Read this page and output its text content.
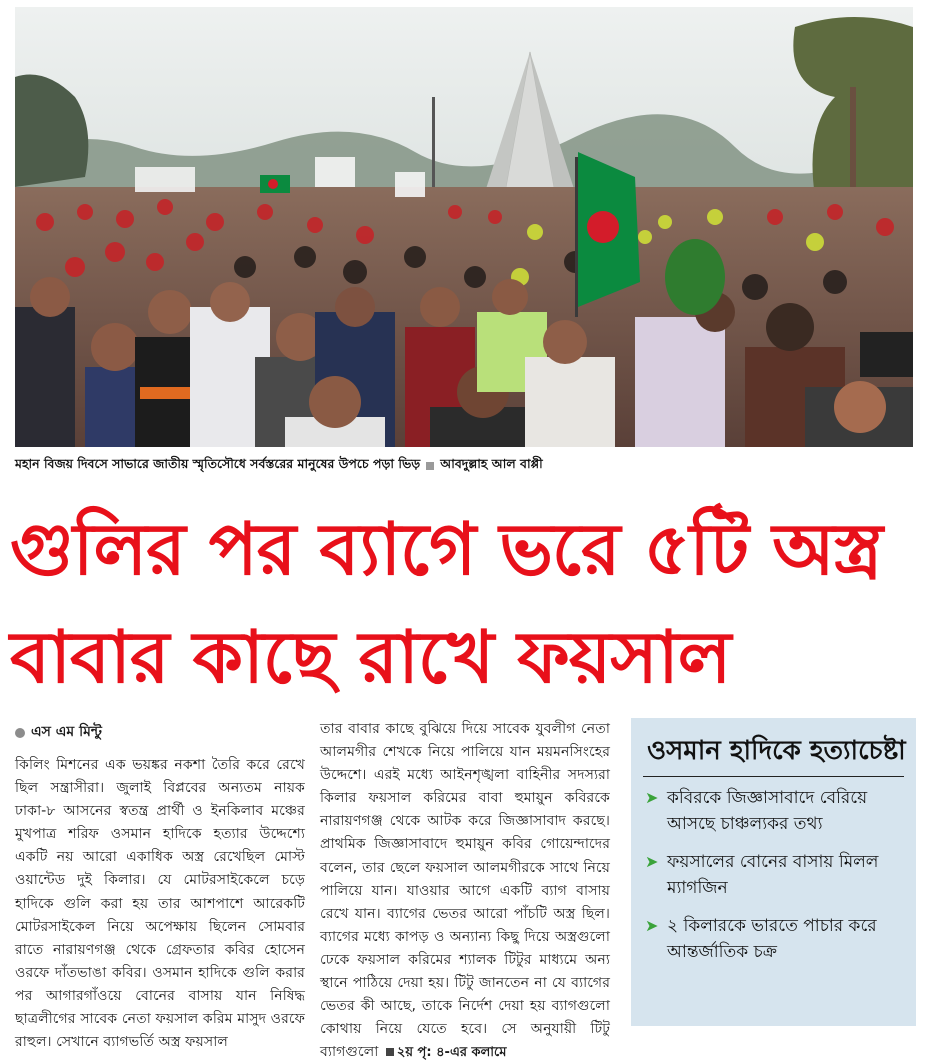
মহান বিজয় দিবসে সাভারে জাতীয় স্মৃতিসৌধে সর্বস্তরের মানুষের উপচে পড়া ভিড় আবদুল্লাহ আল বাপ্পী
গুলির পর ব্যাগে ভরে ৫টি অস্ত্র
বাবার কাছে রাখে ফয়সাল
এস এম মিন্টু
কিলিং মিশনের এক ভয়ঙ্কর নকশা তৈরি করে রেখে ছিল সন্ত্রাসীরা। জুলাই বিপ্লবের অন্যতম নায়ক ঢাকা-৮ আসনের স্বতন্ত্র প্রার্থী ও ইনকিলাব মঞ্চের মুখপাত্র শরিফ ওসমান হাদিকে হত্যার উদ্দেশ্যে একটি নয় আরো একাধিক অস্ত্র রেখেছিল মোস্ট ওয়ান্টেড দুই কিলার। যে মোটরসাইকেলে চড়ে হাদিকে গুলি করা হয় তার আশপাশে আরেকটি মোটরসাইকেল নিয়ে অপেক্ষায় ছিলেন সোমবার রাতে নারায়ণগঞ্জ থেকে গ্রেফতার কবির হোসেন ওরফে দাঁতভাঙা কবির। ওসমান হাদিকে গুলি করার পর আগারগাঁওয়ে বোনের বাসায় যান নিষিদ্ধ ছাত্রলীগের সাবেক নেতা ফয়সাল করিম মাসুদ ওরফে রাহুল। সেখানে ব্যাগভর্তি অস্ত্র ফয়সাল
তার বাবার কাছে বুঝিয়ে দিয়ে সাবেক যুবলীগ নেতা আলমগীর শেখকে নিয়ে পালিয়ে যান ময়মনসিংহের উদ্দেশে। এরই মধ্যে আইনশৃঙ্খলা বাহিনীর সদস্যরা কিলার ফয়সাল করিমের বাবা হুমায়ুন কবিরকে নারায়ণগঞ্জ থেকে আটক করে জিজ্ঞাসাবাদ করছে। প্রাথমিক জিজ্ঞাসাবাদে হুমায়ুন কবির গোয়েন্দাদের বলেন, তার ছেলে ফয়সাল আলমগীরকে সাথে নিয়ে পালিয়ে যান। যাওয়ার আগে একটি ব্যাগ বাসায় রেখে যান। ব্যাগের ভেতর আরো পাঁচটি অস্ত্র ছিল। ব্যাগের মধ্যে কাপড় ও অন্যান্য কিছু দিয়ে অস্ত্রগুলো ঢেকে ফয়সাল করিমের শ্যালক টিটুর মাধ্যমে অন্য স্থানে পাঠিয়ে দেয়া হয়। টিটু জানতেন না যে ব্যাগের ভেতর কী আছে, তাকে নির্দেশ দেয়া হয় ব্যাগগুলো কোথায় নিয়ে যেতে হবে। সে অনুযায়ী টিটু ব্যাগগুলো ২য় পৃ: ৪-এর কলামে
ওসমান হাদিকে হত্যাচেষ্টা
➤ কবিরকে জিজ্ঞাসাবাদে বেরিয়ে আসছে চাঞ্চল্যকর তথ্য
➤ ফয়সালের বোনের বাসায় মিলল ম্যাগজিন
➤ ২ কিলারকে ভারতে পাচার করে আন্তর্জাতিক চক্র
